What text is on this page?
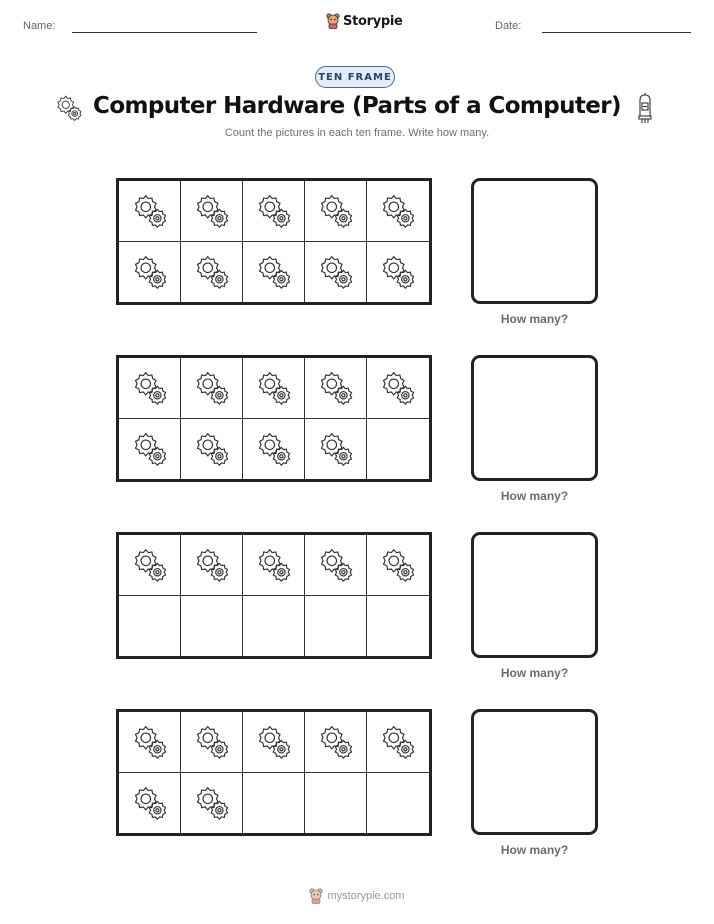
Name:	Storypie	Date:
TEN FRAME
Computer Hardware (Parts of a Computer)
Count the pictures in each ten frame. Write how many.
How many?
How many?
How many?
How many?
mystorypie.com
